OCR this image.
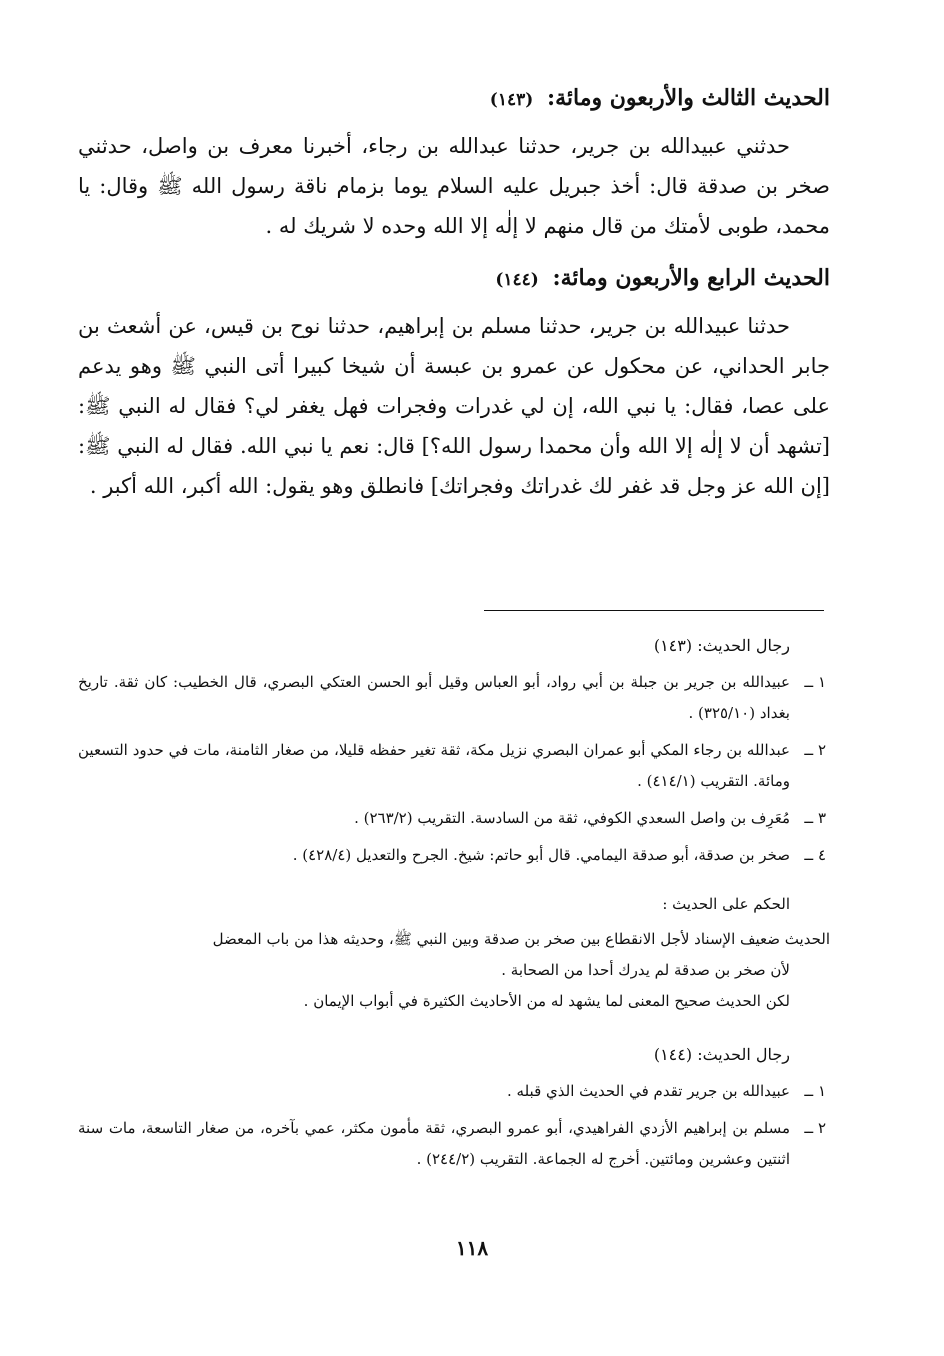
الحديث الثالث والأربعون ومائة: (١٤٣)

حدثني عبيدالله بن جرير، حدثنا عبدالله بن رجاء، أخبرنا معرف بن واصل، حدثني صخر بن صدقة قال: أخذ جبريل عليه السلام يوما بزمام ناقة رسول الله ﷺ وقال: يا محمد، طوبى لأمتك من قال منهم لا إلٰه إلا الله وحده لا شريك له .

الحديث الرابع والأربعون ومائة: (١٤٤)

حدثنا عبيدالله بن جرير، حدثنا مسلم بن إبراهيم، حدثنا نوح بن قيس، عن أشعث بن جابر الحداني، عن محكول عن عمرو بن عبسة أن شيخا كبيرا أتى النبي ﷺ وهو يدعم على عصا، فقال: يا نبي الله، إن لي غدرات وفجرات فهل يغفر لي؟ فقال له النبي ﷺ: [تشهد أن لا إلٰه إلا الله وأن محمدا رسول الله؟] قال: نعم يا نبي الله. فقال له النبي ﷺ: [إن الله عز وجل قد غفر لك غدراتك وفجراتك] فانطلق وهو يقول: الله أكبر، الله أكبر .

رجال الحديث: (١٤٣)
١ ــ
عبيدالله بن جرير بن جبلة بن أبي رواد، أبو العباس وقيل أبو الحسن العتكي البصري، قال الخطيب: كان ثقة. تاريخ بغداد (٣٢٥/١٠) .
٢ ــ
عبدالله بن رجاء المكي أبو عمران البصري نزيل مكة، ثقة تغير حفظه قليلا، من صغار الثامنة، مات في حدود التسعين ومائة. التقريب (٤١٤/١) .
٣ ــ
مُعَرِف بن واصل السعدي الكوفي، ثقة من السادسة. التقريب (٢٦٣/٢) .
٤ ــ
صخر بن صدقة، أبو صدقة اليمامي. قال أبو حاتم: شيخ. الجرح والتعديل (٤٢٨/٤) .
الحكم على الحديث :
الحديث ضعيف الإسناد لأجل الانقطاع بين صخر بن صدقة وبين النبي ﷺ، وحديثه هذا من باب المعضل
لأن صخر بن صدقة لم يدرك أحدا من الصحابة .
لكن الحديث صحيح المعنى لما يشهد له من الأحاديث الكثيرة في أبواب الإيمان .
رجال الحديث: (١٤٤)
١ ــ
عبيدالله بن جرير تقدم في الحديث الذي قبله .
٢ ــ
مسلم بن إبراهيم الأزدي الفراهيدي، أبو عمرو البصري، ثقة مأمون مكثر، عمي بآخره، من صغار التاسعة، مات سنة اثنتين وعشرين ومائتين. أخرج له الجماعة. التقريب (٢٤٤/٢) .
١١٨
